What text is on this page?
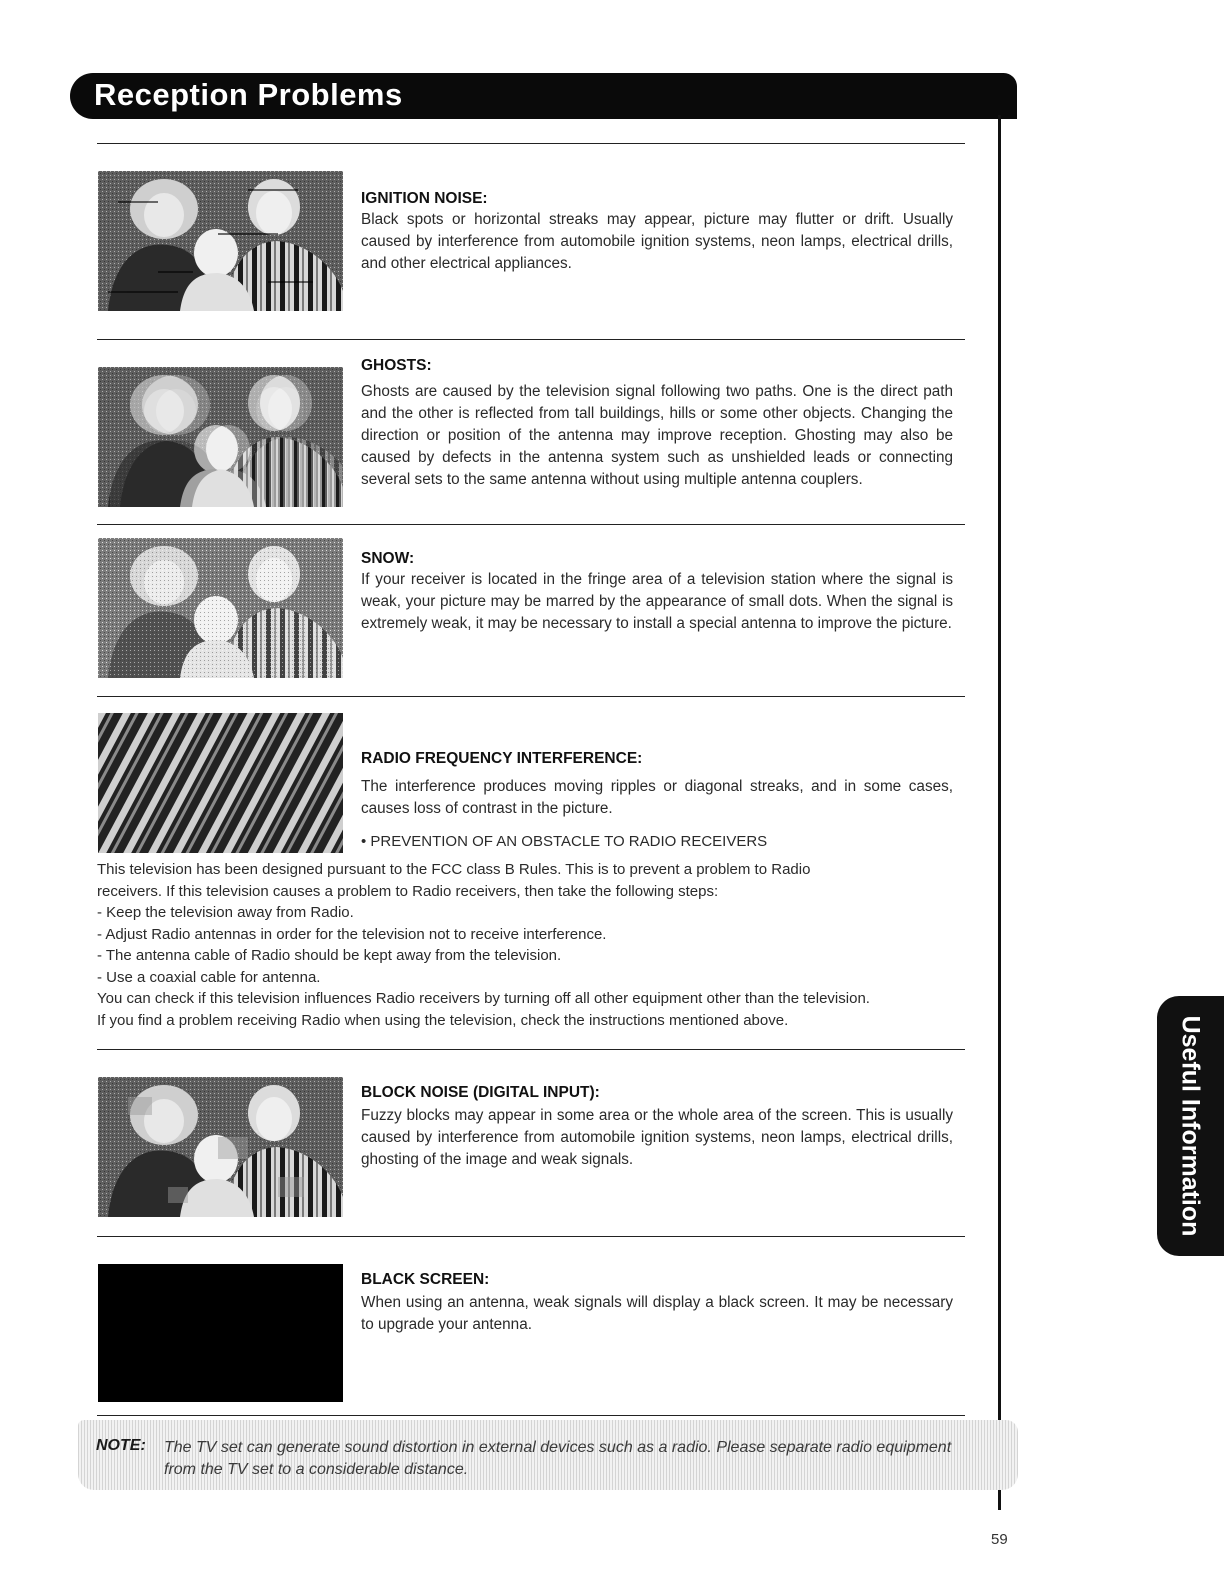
Reception Problems
IGNITION NOISE:
Black spots or horizontal streaks may appear, picture may flutter or drift. Usually caused by interference from automobile ignition systems, neon lamps, electrical drills, and other electrical appliances.
GHOSTS:
Ghosts are caused by the television signal following two paths. One is the direct path and the other is reflected from tall buildings, hills or some other objects. Changing the direction or position of the antenna may improve reception. Ghosting may also be caused by defects in the antenna system such as unshielded leads or connecting several sets to the same antenna without using multiple antenna couplers.
SNOW:
If your receiver is located in the fringe area of a television station where the signal is weak, your picture may be marred by the appearance of small dots. When the signal is extremely weak, it may be necessary to install a special antenna to improve the picture.
RADIO FREQUENCY INTERFERENCE:
The interference produces moving ripples or diagonal streaks, and in some cases, causes loss of contrast in the picture.
• PREVENTION OF AN OBSTACLE TO RADIO RECEIVERS
This television has been designed pursuant to the FCC class B Rules. This is to prevent a problem to Radio
receivers. If this television causes a problem to Radio receivers, then take the following steps:
- Keep the television away from Radio.
- Adjust Radio antennas in order for the television not to receive interference.
- The antenna cable of Radio should be kept away from the television.
- Use a coaxial cable for antenna.
You can check if this television influences Radio receivers by turning off all other equipment other than the television.
If you find a problem receiving Radio when using the television, check the instructions mentioned above.
BLOCK NOISE (DIGITAL INPUT):
Fuzzy blocks may appear in some area or the whole area of the screen. This is usually caused by interference from automobile ignition systems, neon lamps, electrical drills, ghosting of the image and weak signals.
BLACK SCREEN:
When using an antenna, weak signals will display a black screen. It may be necessary to upgrade your antenna.
NOTE: The TV set can generate sound distortion in external devices such as a radio. Please separate radio equipment from the TV set to a considerable distance.
Useful Information
59
